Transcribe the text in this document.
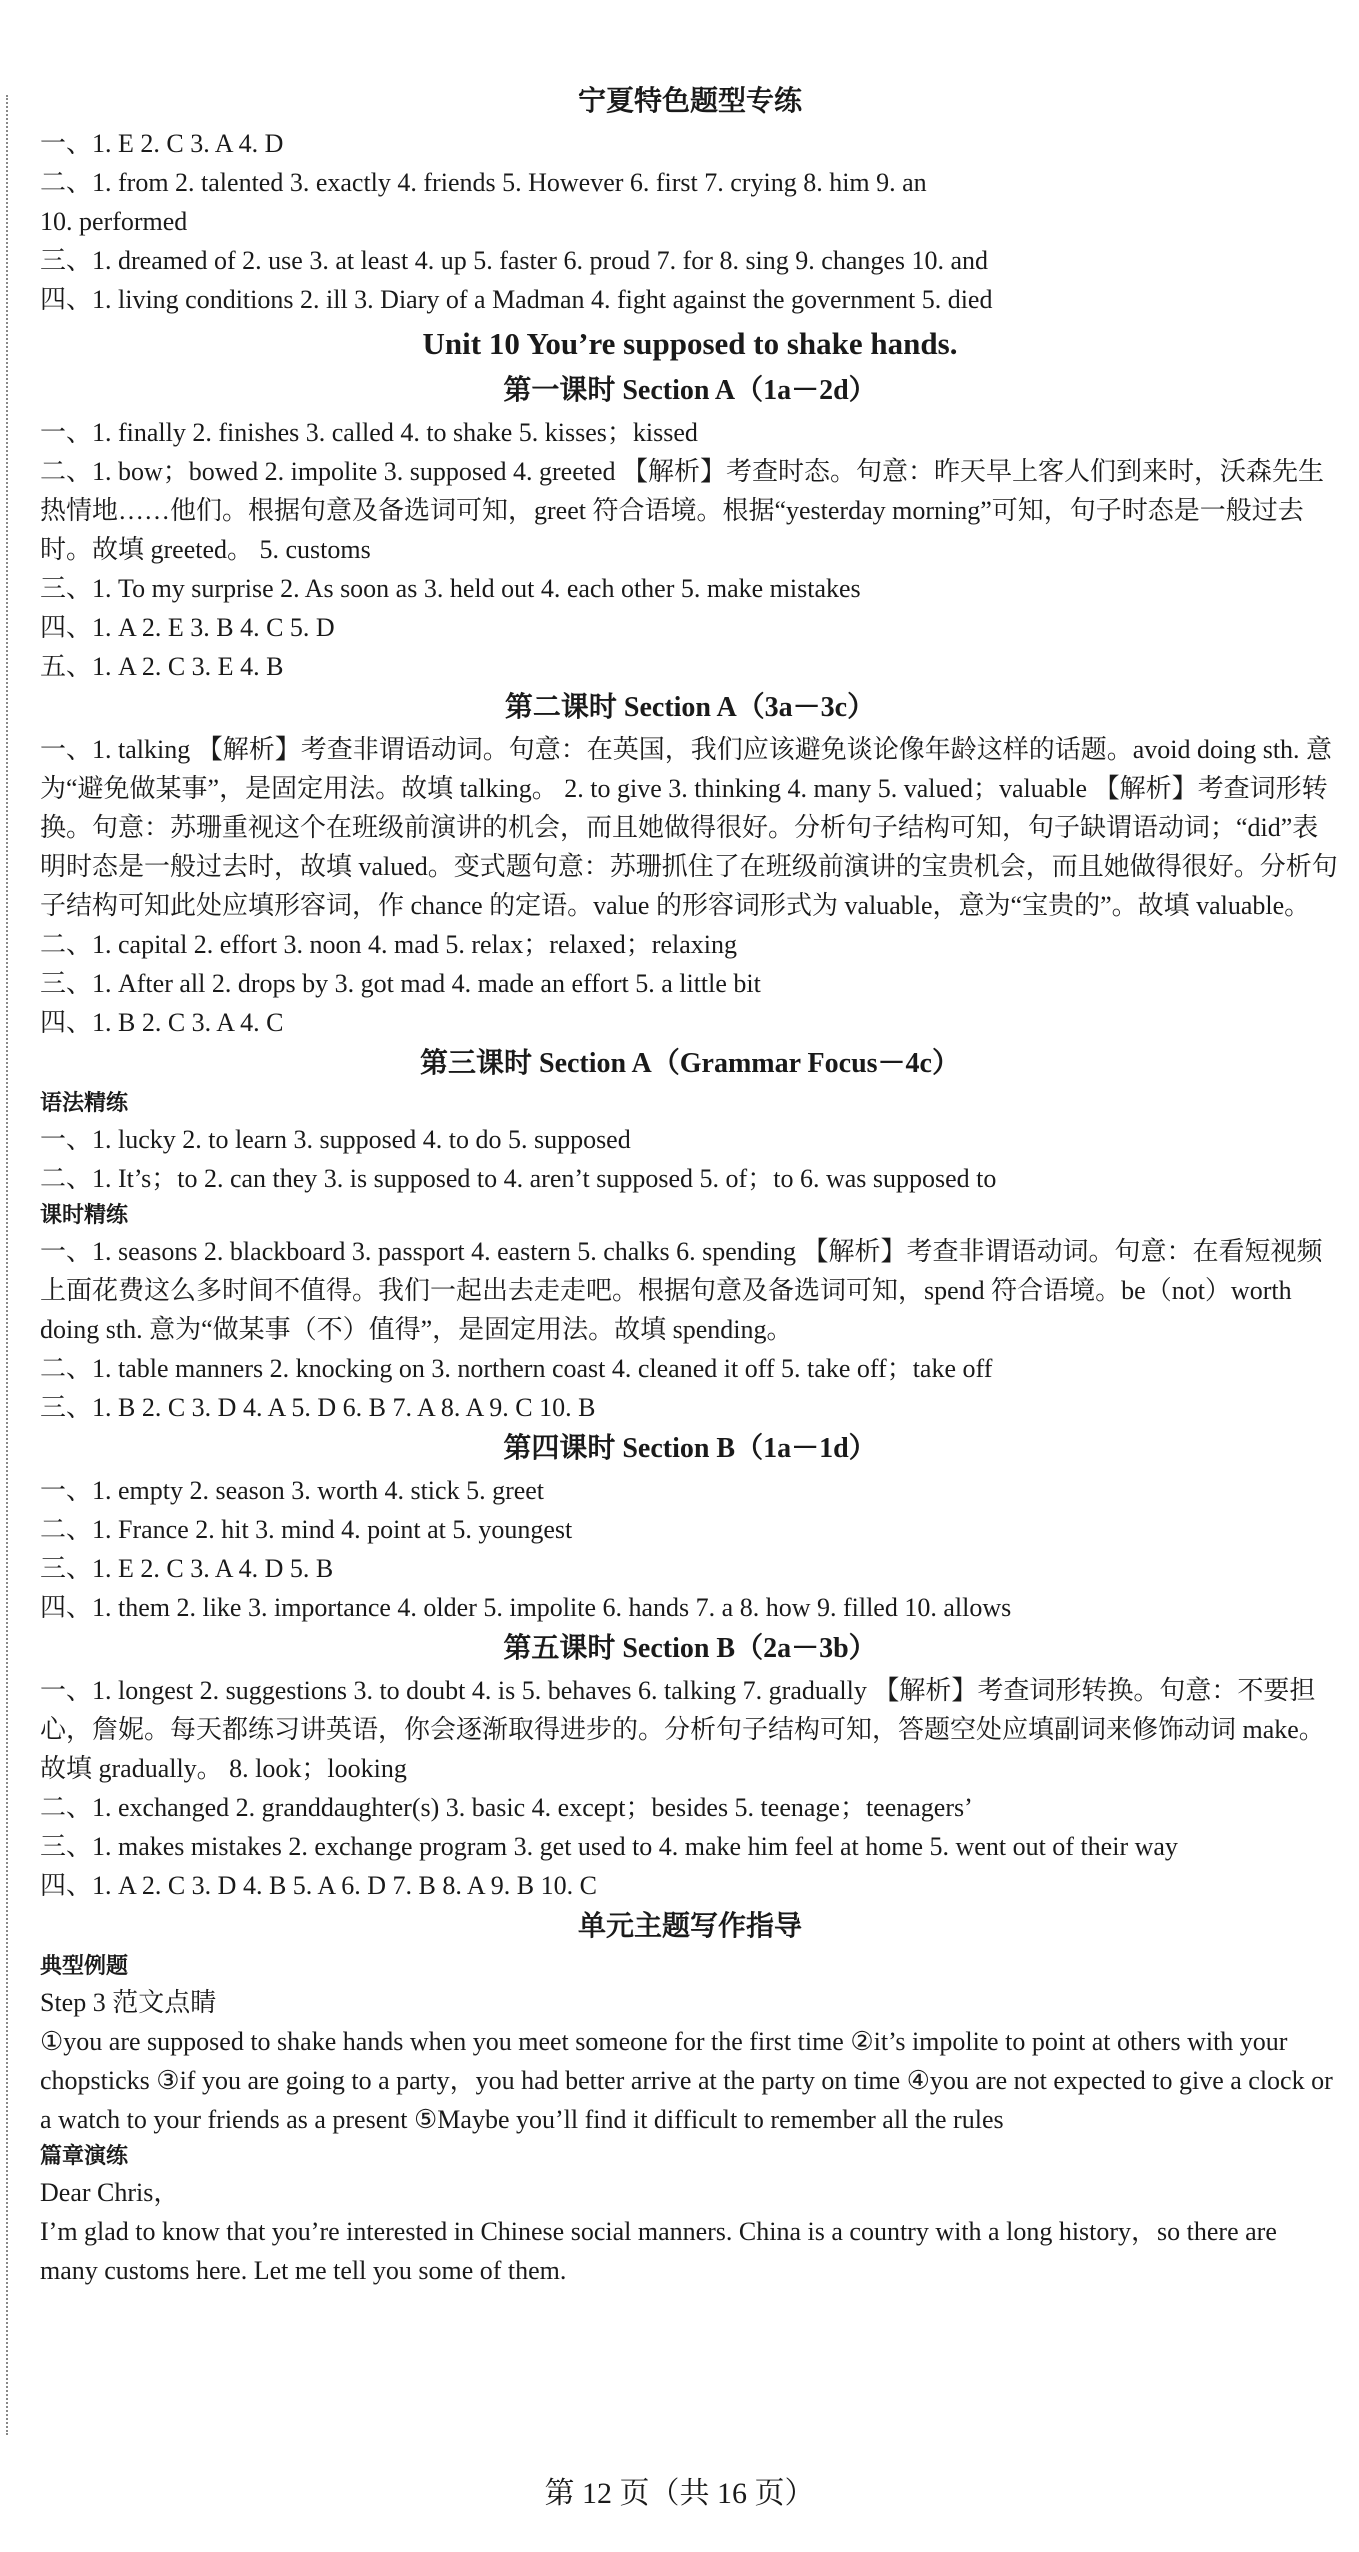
宁夏特色题型专练
一、1. E 2. C 3. A 4. D
二、1. from 2. talented 3. exactly 4. friends 5. However 6. first 7. crying 8. him 9. an
10. performed
三、1. dreamed of 2. use 3. at least 4. up 5. faster 6. proud 7. for 8. sing 9. changes 10. and
四、1. living conditions 2. ill 3. Diary of a Madman 4. fight against the government 5. died
Unit 10 You’re supposed to shake hands.
第一课时 Section A（1a－2d）
一、1. finally 2. finishes 3. called 4. to shake 5. kisses；kissed
二、1. bow；bowed 2. impolite 3. supposed 4. greeted 【解析】考查时态。句意：昨天早上客人们到来时，沃森先生热情地……他们。根据句意及备选词可知，greet 符合语境。根据“yesterday morning”可知，句子时态是一般过去时。故填 greeted。 5. customs
三、1. To my surprise 2. As soon as 3. held out 4. each other 5. make mistakes
四、1. A 2. E 3. B 4. C 5. D
五、1. A 2. C 3. E 4. B
第二课时 Section A（3a－3c）
一、1. talking 【解析】考查非谓语动词。句意：在英国，我们应该避免谈论像年龄这样的话题。avoid doing sth. 意为“避免做某事”，是固定用法。故填 talking。 2. to give 3. thinking 4. many 5. valued；valuable 【解析】考查词形转换。句意：苏珊重视这个在班级前演讲的机会，而且她做得很好。分析句子结构可知，句子缺谓语动词；“did”表明时态是一般过去时，故填 valued。变式题句意：苏珊抓住了在班级前演讲的宝贵机会，而且她做得很好。分析句子结构可知此处应填形容词，作 chance 的定语。value 的形容词形式为 valuable，意为“宝贵的”。故填 valuable。
二、1. capital 2. effort 3. noon 4. mad 5. relax；relaxed；relaxing
三、1. After all 2. drops by 3. got mad 4. made an effort 5. a little bit
四、1. B 2. C 3. A 4. C
第三课时 Section A（Grammar Focus－4c）
语法精练
一、1. lucky 2. to learn 3. supposed 4. to do 5. supposed
二、1. It’s；to 2. can they 3. is supposed to 4. aren’t supposed 5. of；to 6. was supposed to
课时精练
一、1. seasons 2. blackboard 3. passport 4. eastern 5. chalks 6. spending 【解析】考查非谓语动词。句意：在看短视频上面花费这么多时间不值得。我们一起出去走走吧。根据句意及备选词可知，spend 符合语境。be（not）worth doing sth. 意为“做某事（不）值得”，是固定用法。故填 spending。
二、1. table manners 2. knocking on 3. northern coast 4. cleaned it off 5. take off；take off
三、1. B 2. C 3. D 4. A 5. D 6. B 7. A 8. A 9. C 10. B
第四课时 Section B（1a－1d）
一、1. empty 2. season 3. worth 4. stick 5. greet
二、1. France 2. hit 3. mind 4. point at 5. youngest
三、1. E 2. C 3. A 4. D 5. B
四、1. them 2. like 3. importance 4. older 5. impolite 6. hands 7. a 8. how 9. filled 10. allows
第五课时 Section B（2a－3b）
一、1. longest 2. suggestions 3. to doubt 4. is 5. behaves 6. talking 7. gradually 【解析】考查词形转换。句意：不要担心，詹妮。每天都练习讲英语，你会逐渐取得进步的。分析句子结构可知，答题空处应填副词来修饰动词 make。故填 gradually。 8. look；looking
二、1. exchanged 2. granddaughter(s) 3. basic 4. except；besides 5. teenage；teenagers’
三、1. makes mistakes 2. exchange program 3. get used to 4. make him feel at home 5. went out of their way
四、1. A 2. C 3. D 4. B 5. A 6. D 7. B 8. A 9. B 10. C
单元主题写作指导
典型例题
Step 3 范文点睛
①you are supposed to shake hands when you meet someone for the first time ②it’s impolite to point at others with your chopsticks ③if you are going to a party，you had better arrive at the party on time ④you are not expected to give a clock or a watch to your friends as a present ⑤Maybe you’ll find it difficult to remember all the rules
篇章演练
Dear Chris，
I’m glad to know that you’re interested in Chinese social manners. China is a country with a long history，so there are many customs here. Let me tell you some of them.
第 12 页（共 16 页）
